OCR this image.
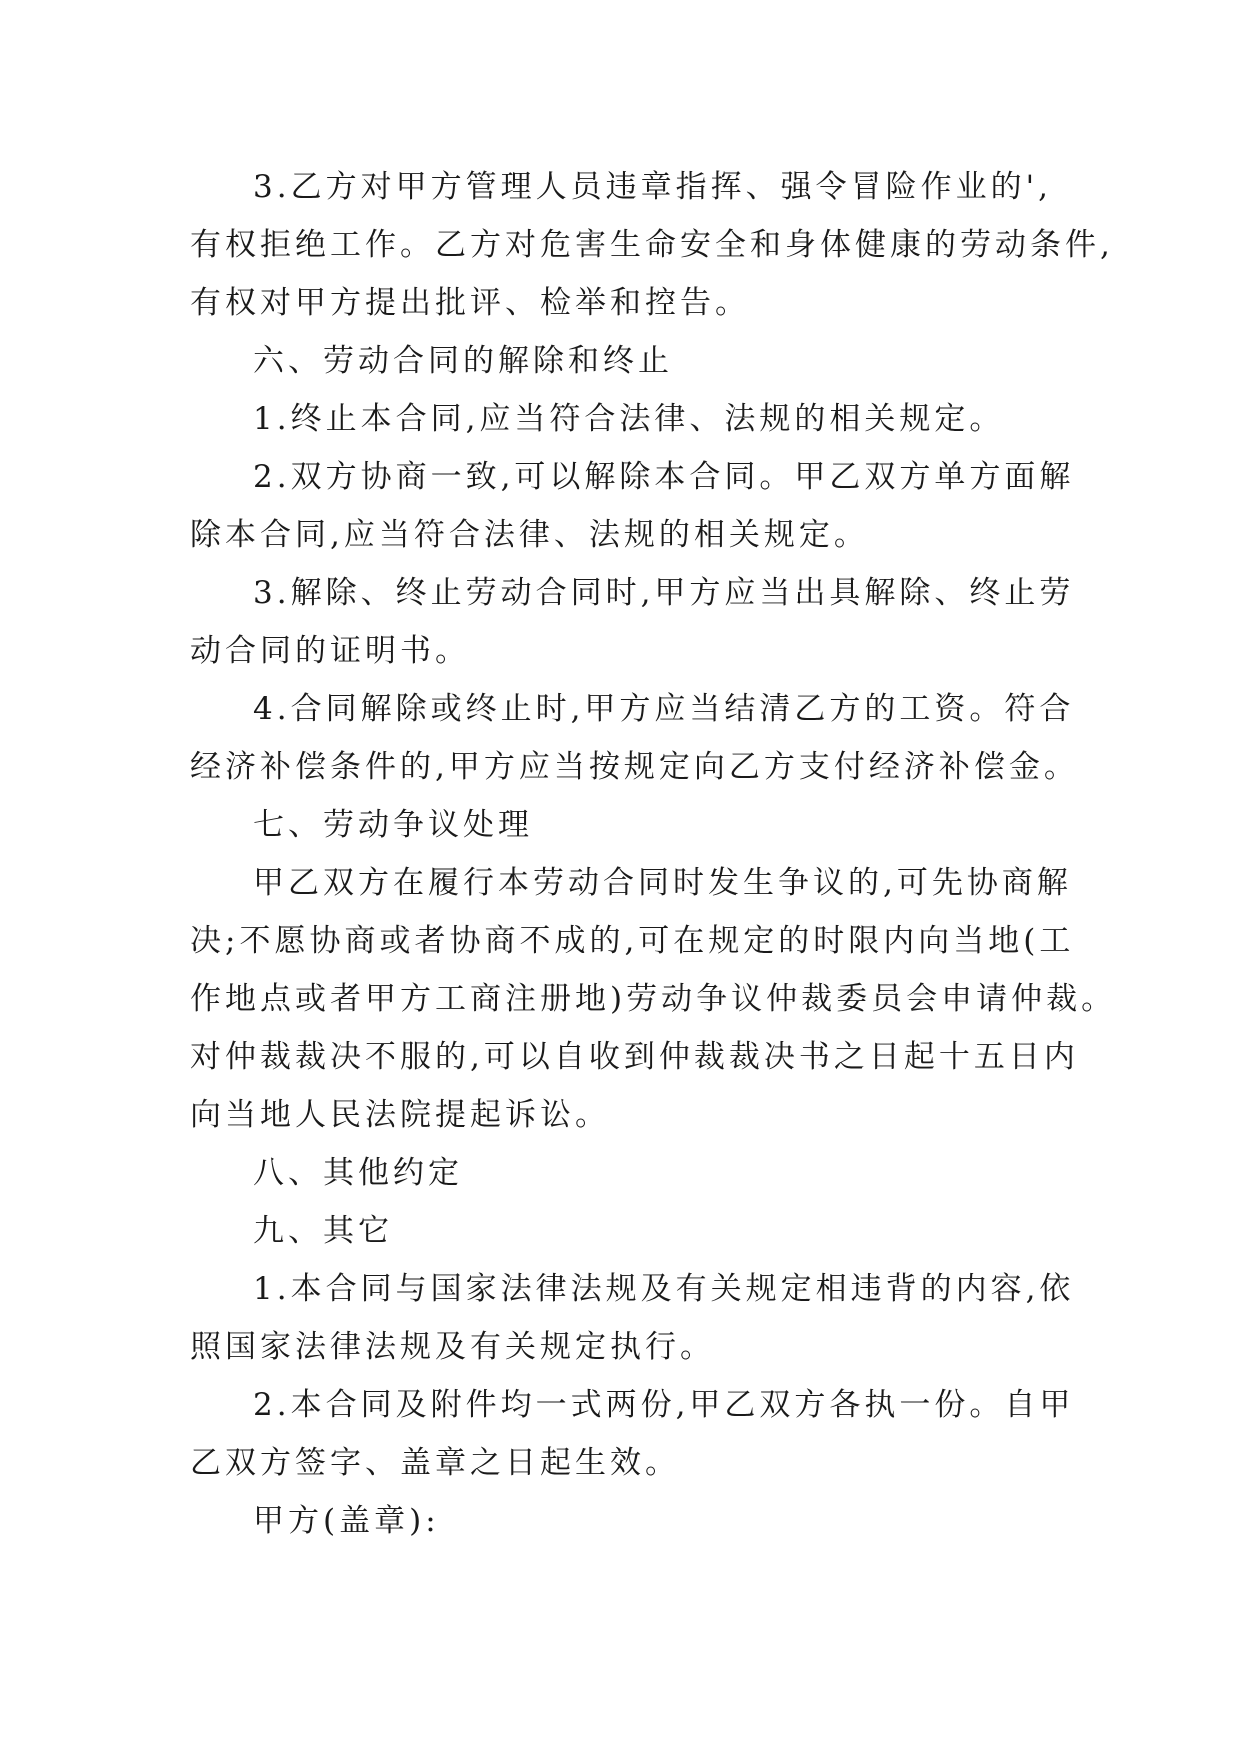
3.乙方对甲方管理人员违章指挥、强令冒险作业的',
有权拒绝工作。乙方对危害生命安全和身体健康的劳动条件,
有权对甲方提出批评、检举和控告。
六、劳动合同的解除和终止
1.终止本合同,应当符合法律、法规的相关规定。
2.双方协商一致,可以解除本合同。甲乙双方单方面解
除本合同,应当符合法律、法规的相关规定。
3.解除、终止劳动合同时,甲方应当出具解除、终止劳
动合同的证明书。
4.合同解除或终止时,甲方应当结清乙方的工资。符合
经济补偿条件的,甲方应当按规定向乙方支付经济补偿金。
七、劳动争议处理
甲乙双方在履行本劳动合同时发生争议的,可先协商解
决;不愿协商或者协商不成的,可在规定的时限内向当地(工
作地点或者甲方工商注册地)劳动争议仲裁委员会申请仲裁。
对仲裁裁决不服的,可以自收到仲裁裁决书之日起十五日内
向当地人民法院提起诉讼。
八、其他约定
九、其它
1.本合同与国家法律法规及有关规定相违背的内容,依
照国家法律法规及有关规定执行。
2.本合同及附件均一式两份,甲乙双方各执一份。自甲
乙双方签字、盖章之日起生效。
甲方(盖章):
